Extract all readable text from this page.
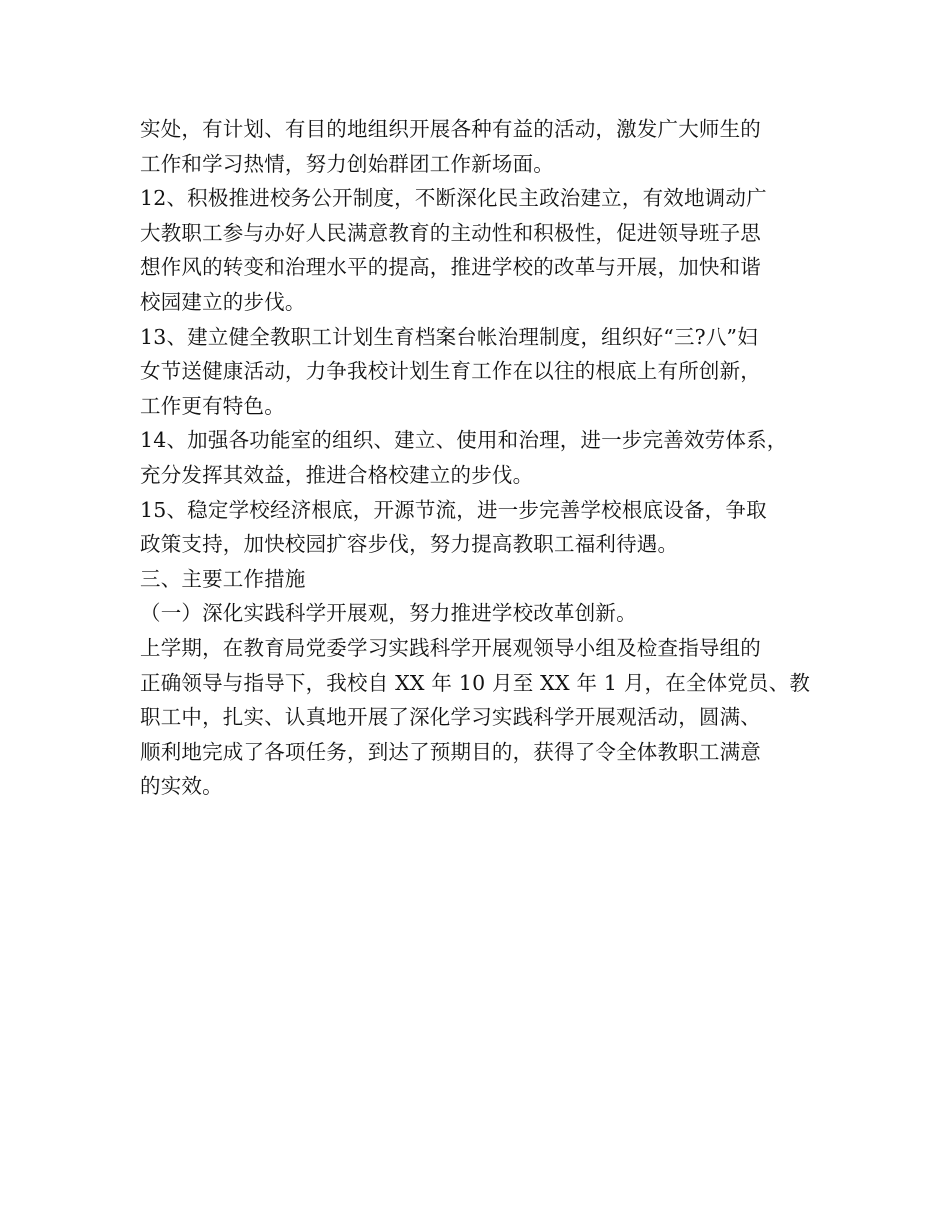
实处，有计划、有目的地组织开展各种有益的活动，激发广大师生的
工作和学习热情，努力创始群团工作新场面。
12、积极推进校务公开制度，不断深化民主政治建立，有效地调动广
大教职工参与办好人民满意教育的主动性和积极性，促进领导班子思
想作风的转变和治理水平的提高，推进学校的改革与开展，加快和谐
校园建立的步伐。
13、建立健全教职工计划生育档案台帐治理制度，组织好“三?八”妇
女节送健康活动，力争我校计划生育工作在以往的根底上有所创新，
工作更有特色。
14、加强各功能室的组织、建立、使用和治理，进一步完善效劳体系，
充分发挥其效益，推进合格校建立的步伐。
15、稳定学校经济根底，开源节流，进一步完善学校根底设备，争取
政策支持，加快校园扩容步伐，努力提高教职工福利待遇。
三、主要工作措施
（一）深化实践科学开展观，努力推进学校改革创新。
上学期，在教育局党委学习实践科学开展观领导小组及检查指导组的
正确领导与指导下，我校自 XX 年 10 月至 XX 年 1 月，在全体党员、教
职工中，扎实、认真地开展了深化学习实践科学开展观活动，圆满、
顺利地完成了各项任务，到达了预期目的，获得了令全体教职工满意
的实效。
